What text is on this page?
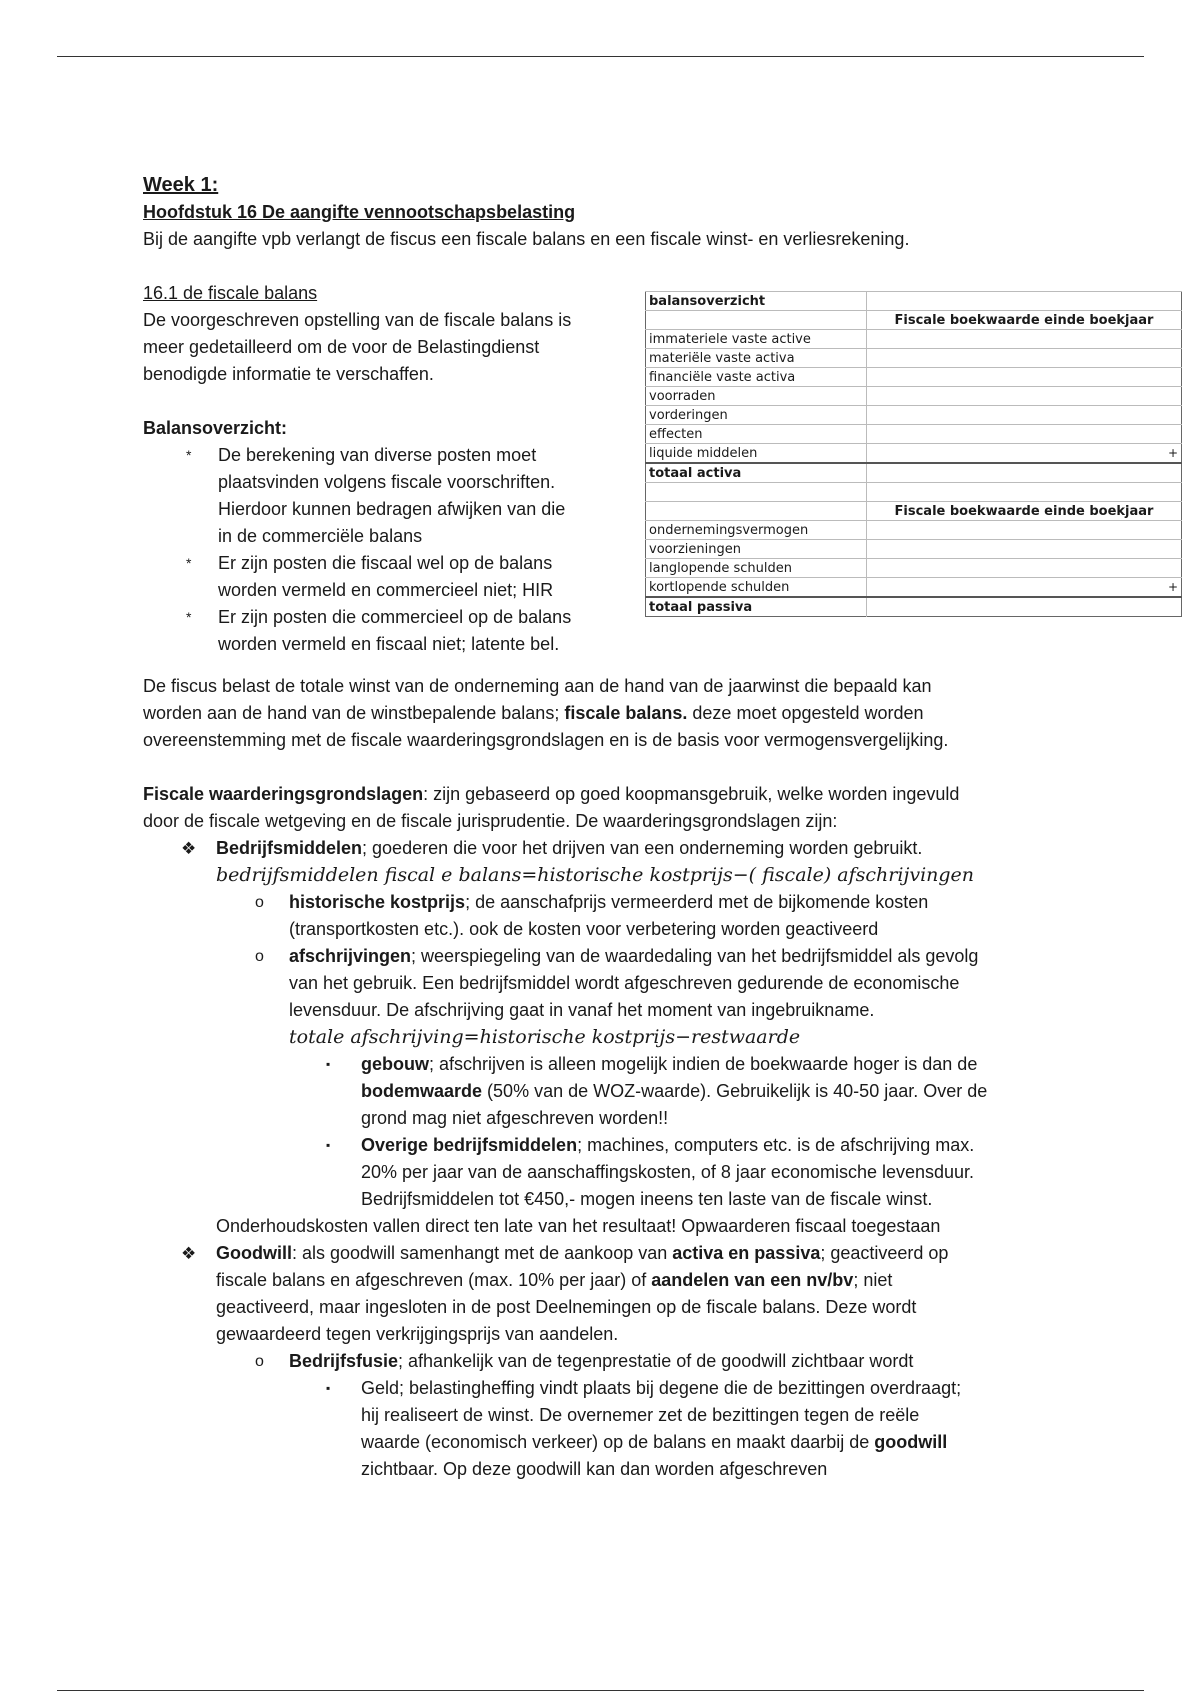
Week 1:
Hoofdstuk 16 De aangifte vennootschapsbelasting
Bij de aangifte vpb verlangt de fiscus een fiscale balans en een fiscale winst- en verliesrekening.
16.1 de fiscale balans
De voorgeschreven opstelling van de fiscale balans is
meer gedetailleerd om de voor de Belastingdienst
benodigde informatie te verschaffen.
Balansoverzicht:
* De berekening van diverse posten moet
plaatsvinden volgens fiscale voorschriften.
Hierdoor kunnen bedragen afwijken van die
in de commerciële balans
* Er zijn posten die fiscaal wel op de balans
worden vermeld en commercieel niet; HIR
* Er zijn posten die commercieel op de balans
worden vermeld en fiscaal niet; latente bel.
balansoverzicht	
	Fiscale boekwaarde einde boekjaar
immateriele vaste active	
materiële vaste activa	
financiële vaste activa	
voorraden	
vorderingen	
effecten	
liquide middelen	+

totaal activa	

	Fiscale boekwaarde einde boekjaar
ondernemingsvermogen	
voorzieningen	
langlopende schulden	
kortlopende schulden	+

totaal passiva	

De fiscus belast de totale winst van de onderneming aan de hand van de jaarwinst die bepaald kan
worden aan de hand van de winstbepalende balans; fiscale balans. deze moet opgesteld worden
overeenstemming met de fiscale waarderingsgrondslagen en is de basis voor vermogensvergelijking.

Fiscale waarderingsgrondslagen: zijn gebaseerd op goed koopmansgebruik, welke worden ingevuld
door de fiscale wetgeving en de fiscale jurisprudentie. De waarderingsgrondslagen zijn:

❖ Bedrijfsmiddelen; goederen die voor het drijven van een onderneming worden gebruikt.
bedrijfsmiddelen fiscal e balans=historische kostprijs−( fiscale) afschrijvingen
o historische kostprijs; de aanschafprijs vermeerderd met de bijkomende kosten
(transportkosten etc.). ook de kosten voor verbetering worden geactiveerd
o afschrijvingen; weerspiegeling van de waardedaling van het bedrijfsmiddel als gevolg
van het gebruik. Een bedrijfsmiddel wordt afgeschreven gedurende de economische
levensduur. De afschrijving gaat in vanaf het moment van ingebruikname.
totale afschrijving=historische kostprijs−restwaarde
▪ gebouw; afschrijven is alleen mogelijk indien de boekwaarde hoger is dan de
bodemwaarde (50% van de WOZ-waarde). Gebruikelijk is 40-50 jaar. Over de
grond mag niet afgeschreven worden!!
▪ Overige bedrijfsmiddelen; machines, computers etc. is de afschrijving max.
20% per jaar van de aanschaffingskosten, of 8 jaar economische levensduur.
Bedrijfsmiddelen tot €450,- mogen ineens ten laste van de fiscale winst.
Onderhoudskosten vallen direct ten late van het resultaat! Opwaarderen fiscaal toegestaan
❖ Goodwill: als goodwill samenhangt met de aankoop van activa en passiva; geactiveerd op
fiscale balans en afgeschreven (max. 10% per jaar) of aandelen van een nv/bv; niet
geactiveerd, maar ingesloten in de post Deelnemingen op de fiscale balans. Deze wordt
gewaardeerd tegen verkrijgingsprijs van aandelen.
o Bedrijfsfusie; afhankelijk van de tegenprestatie of de goodwill zichtbaar wordt
▪ Geld; belastingheffing vindt plaats bij degene die de bezittingen overdraagt;
hij realiseert de winst. De overnemer zet de bezittingen tegen de reële
waarde (economisch verkeer) op de balans en maakt daarbij de goodwill
zichtbaar. Op deze goodwill kan dan worden afgeschreven
